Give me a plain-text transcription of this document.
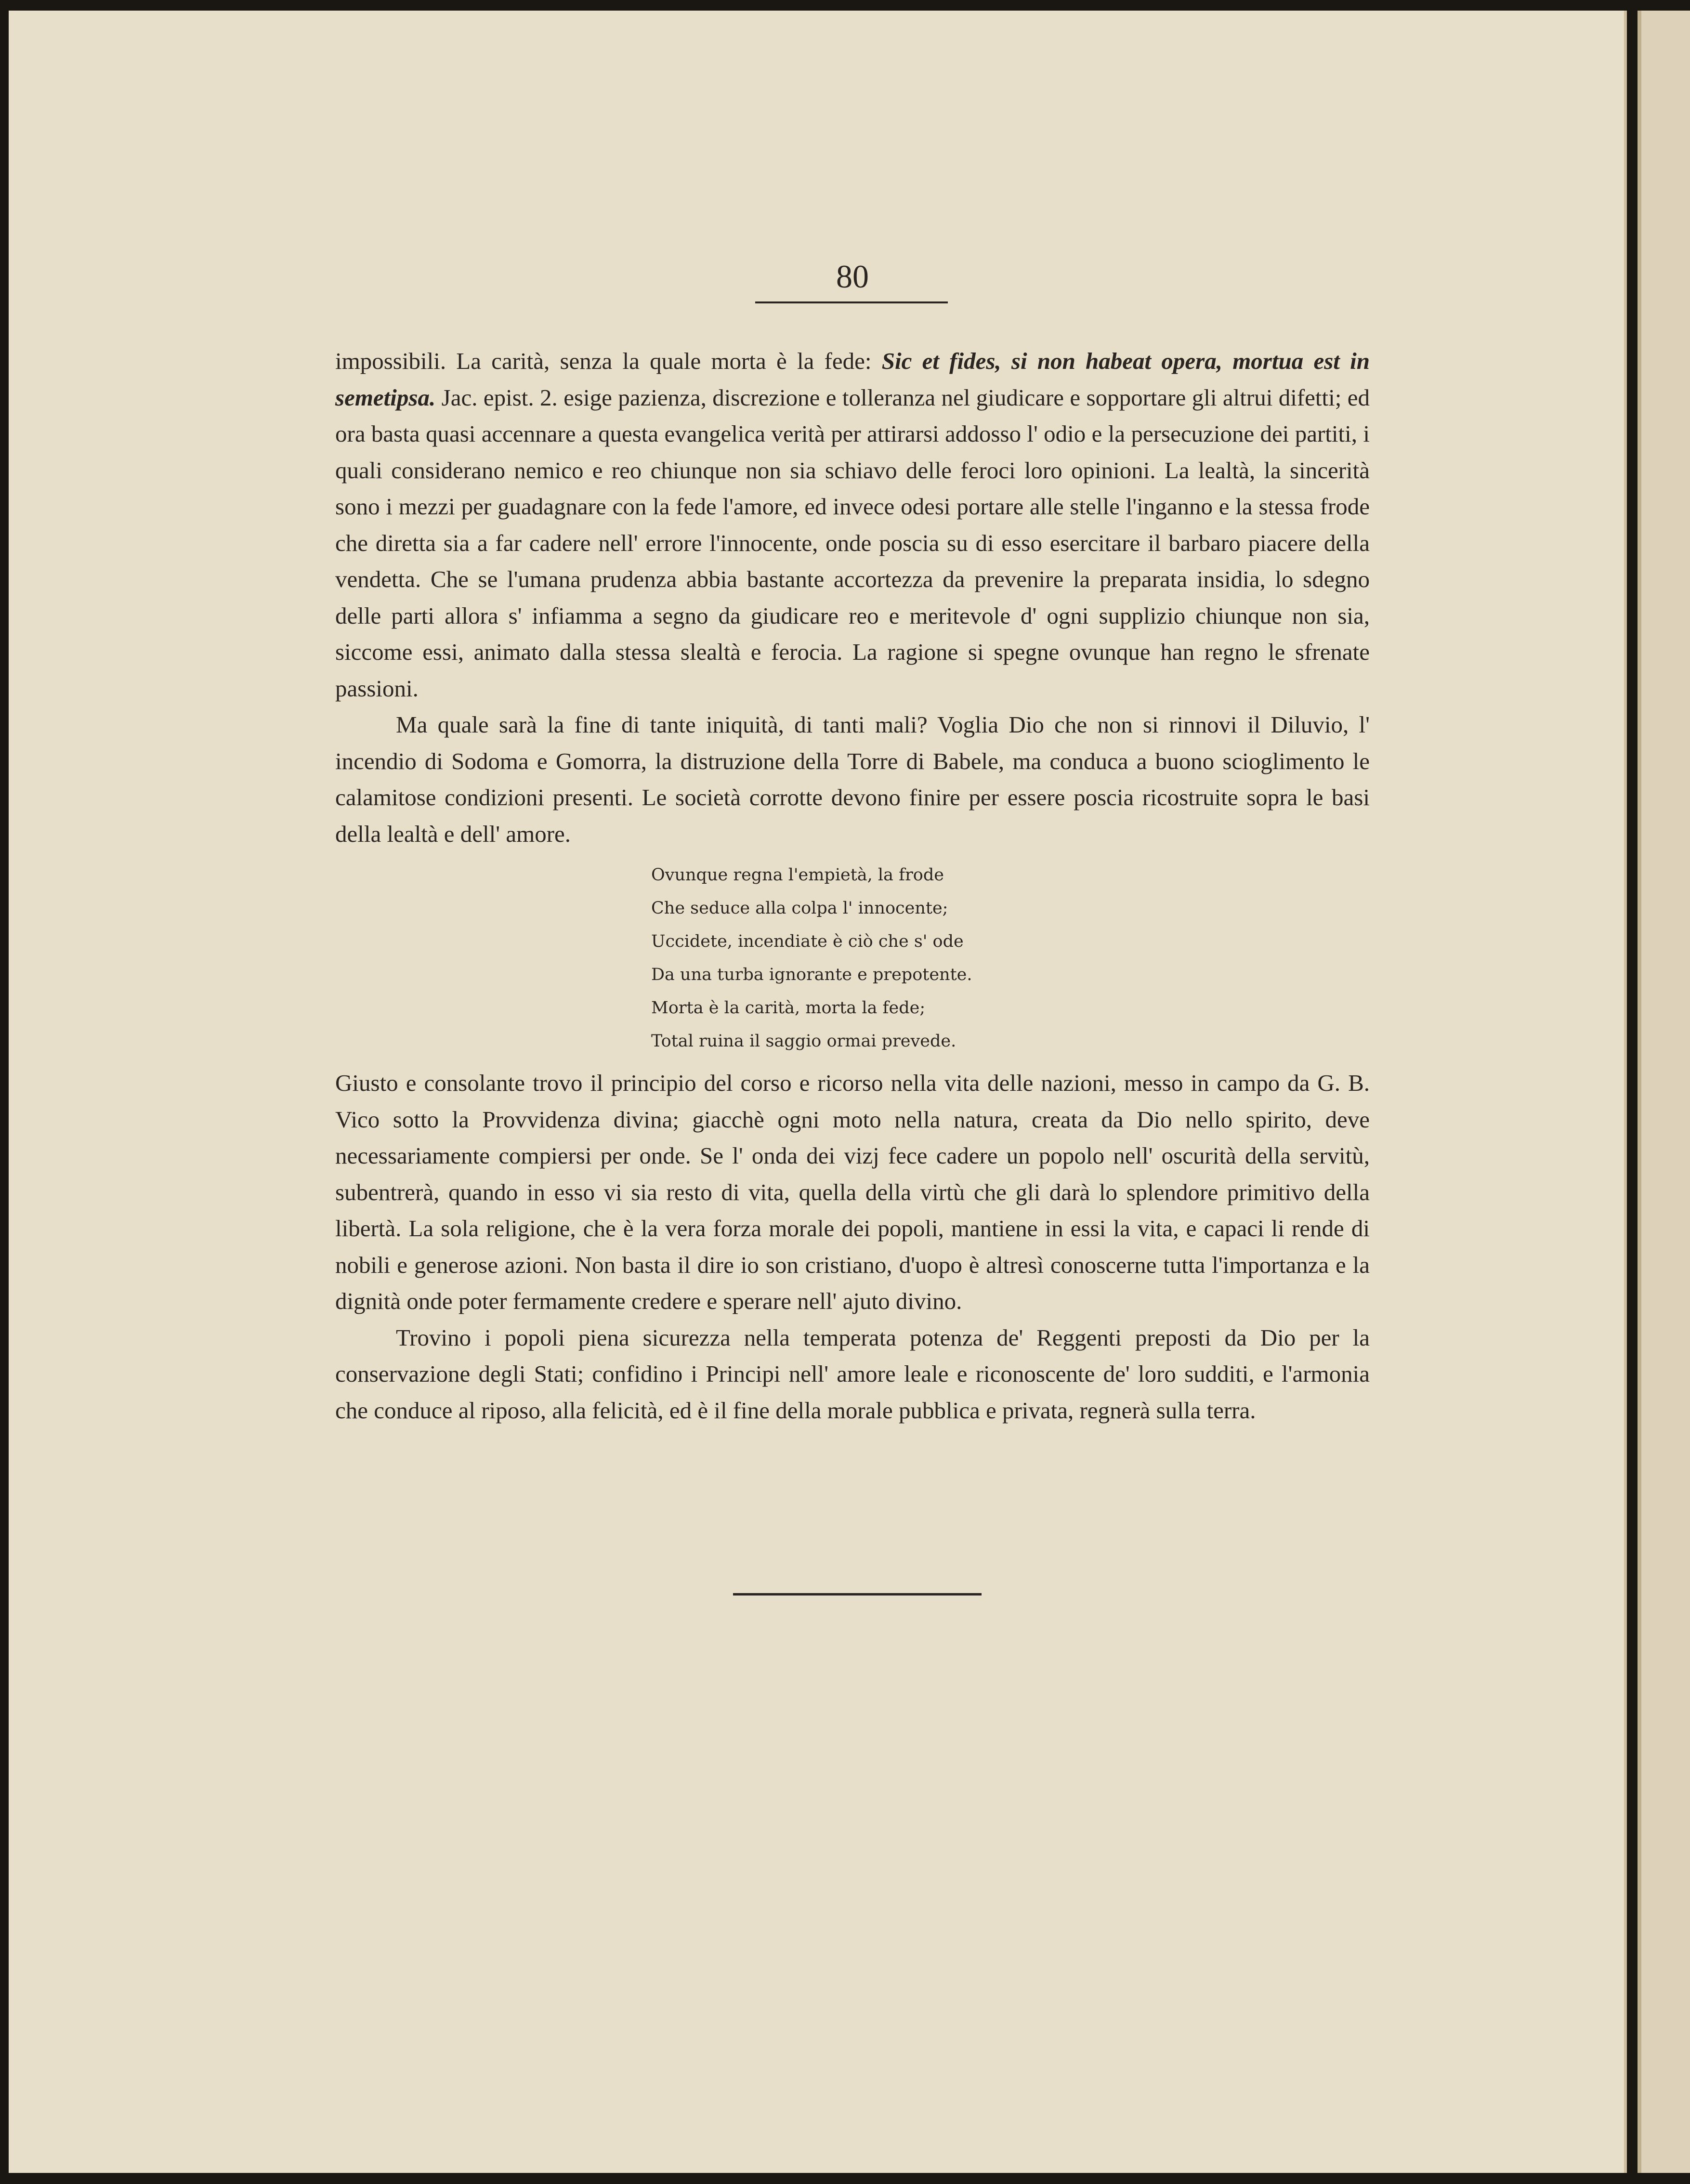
80

impossibili. La carità, senza la quale morta è la fede: Sic et fides, si non habeat opera, mortua est in semetipsa. Jac. epist. 2. esige pazienza, discrezione e tolleranza nel giudicare e sopportare gli altrui difetti; ed ora basta quasi accennare a questa evangelica verità per attirarsi addosso l' odio e la persecuzione dei partiti, i quali considerano nemico e reo chiunque non sia schiavo delle feroci loro opinioni. La lealtà, la sincerità sono i mezzi per guadagnare con la fede l'amore, ed invece odesi portare alle stelle l'inganno e la stessa frode che diretta sia a far cadere nell' errore l'innocente, onde poscia su di esso esercitare il barbaro piacere della vendetta. Che se l'umana prudenza abbia bastante accortezza da prevenire la preparata insidia, lo sdegno delle parti allora s' infiamma a segno da giudicare reo e meritevole d' ogni supplizio chiunque non sia, siccome essi, animato dalla stessa slealtà e ferocia. La ragione si spegne ovunque han regno le sfrenate passioni.

Ma quale sarà la fine di tante iniquità, di tanti mali? Voglia Dio che non si rinnovi il Diluvio, l' incendio di Sodoma e Gomorra, la distruzione della Torre di Babele, ma conduca a buono scioglimento le calamitose condizioni presenti. Le società corrotte devono finire per essere poscia ricostruite sopra le basi della lealtà e dell' amore.

Ovunque regna l'empietà, la frode
Che seduce alla colpa l' innocente;
Uccidete, incendiate è ciò che s' ode
Da una turba ignorante e prepotente.
Morta è la carità, morta la fede;
Total ruina il saggio ormai prevede.

Giusto e consolante trovo il principio del corso e ricorso nella vita delle nazioni, messo in campo da G. B. Vico sotto la Provvidenza divina; giacchè ogni moto nella natura, creata da Dio nello spirito, deve necessariamente compiersi per onde. Se l' onda dei vizj fece cadere un popolo nell' oscurità della servitù, subentrerà, quando in esso vi sia resto di vita, quella della virtù che gli darà lo splendore primitivo della libertà. La sola religione, che è la vera forza morale dei popoli, mantiene in essi la vita, e capaci li rende di nobili e generose azioni. Non basta il dire io son cristiano, d'uopo è altresì conoscerne tutta l'importanza e la dignità onde poter fermamente credere e sperare nell' ajuto divino.

Trovino i popoli piena sicurezza nella temperata potenza de' Reggenti preposti da Dio per la conservazione degli Stati; confidino i Principi nell' amore leale e riconoscente de' loro sudditi, e l'armonia che conduce al riposo, alla felicità, ed è il fine della morale pubblica e privata, regnerà sulla terra.
